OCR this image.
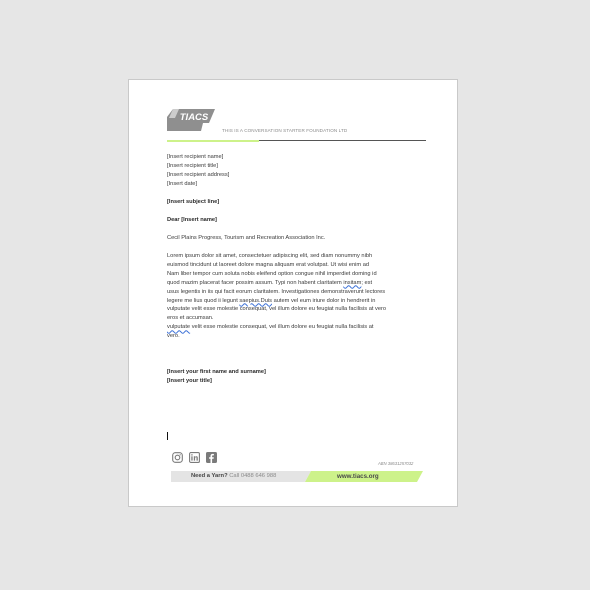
TIACS
THIS IS A CONVERSATION STARTER FOUNDATION LTD
[Insert recipient name]
[Insert recipient title]
[Insert recipient address]
[Insert date]
[Insert subject line]
Dear [Insert name]
Cecil Plains Progress, Tourism and Recreation Association Inc.
Lorem ipsum dolor sit amet, consectetuer adipiscing elit, sed diam nonummy nibh
euismod tincidunt ut laoreet dolore magna aliquam erat volutpat. Ut wisi enim ad
Nam liber tempor cum soluta nobis eleifend option congue nihil imperdiet doming id
quod mazim placerat facer possim assum. Typi non habent claritatem insitam; est
usus legentis in iis qui facit eorum claritatem. Investigationes demonstraverunt lectores
legere me lius quod ii legunt saepius.Duis autem vel eum iriure dolor in hendrerit in
vulputate velit esse molestie consequat, vel illum dolore eu feugiat nulla facilisis at vero
eros et accumsan.
vulputate velit esse molestie consequat, vel illum dolore eu feugiat nulla facilisis at
vero.
[Insert your first name and surname]
[Insert your title]
ABN 38631257032
Need a Yarn? Call 0488 646 988	www.tiacs.org
